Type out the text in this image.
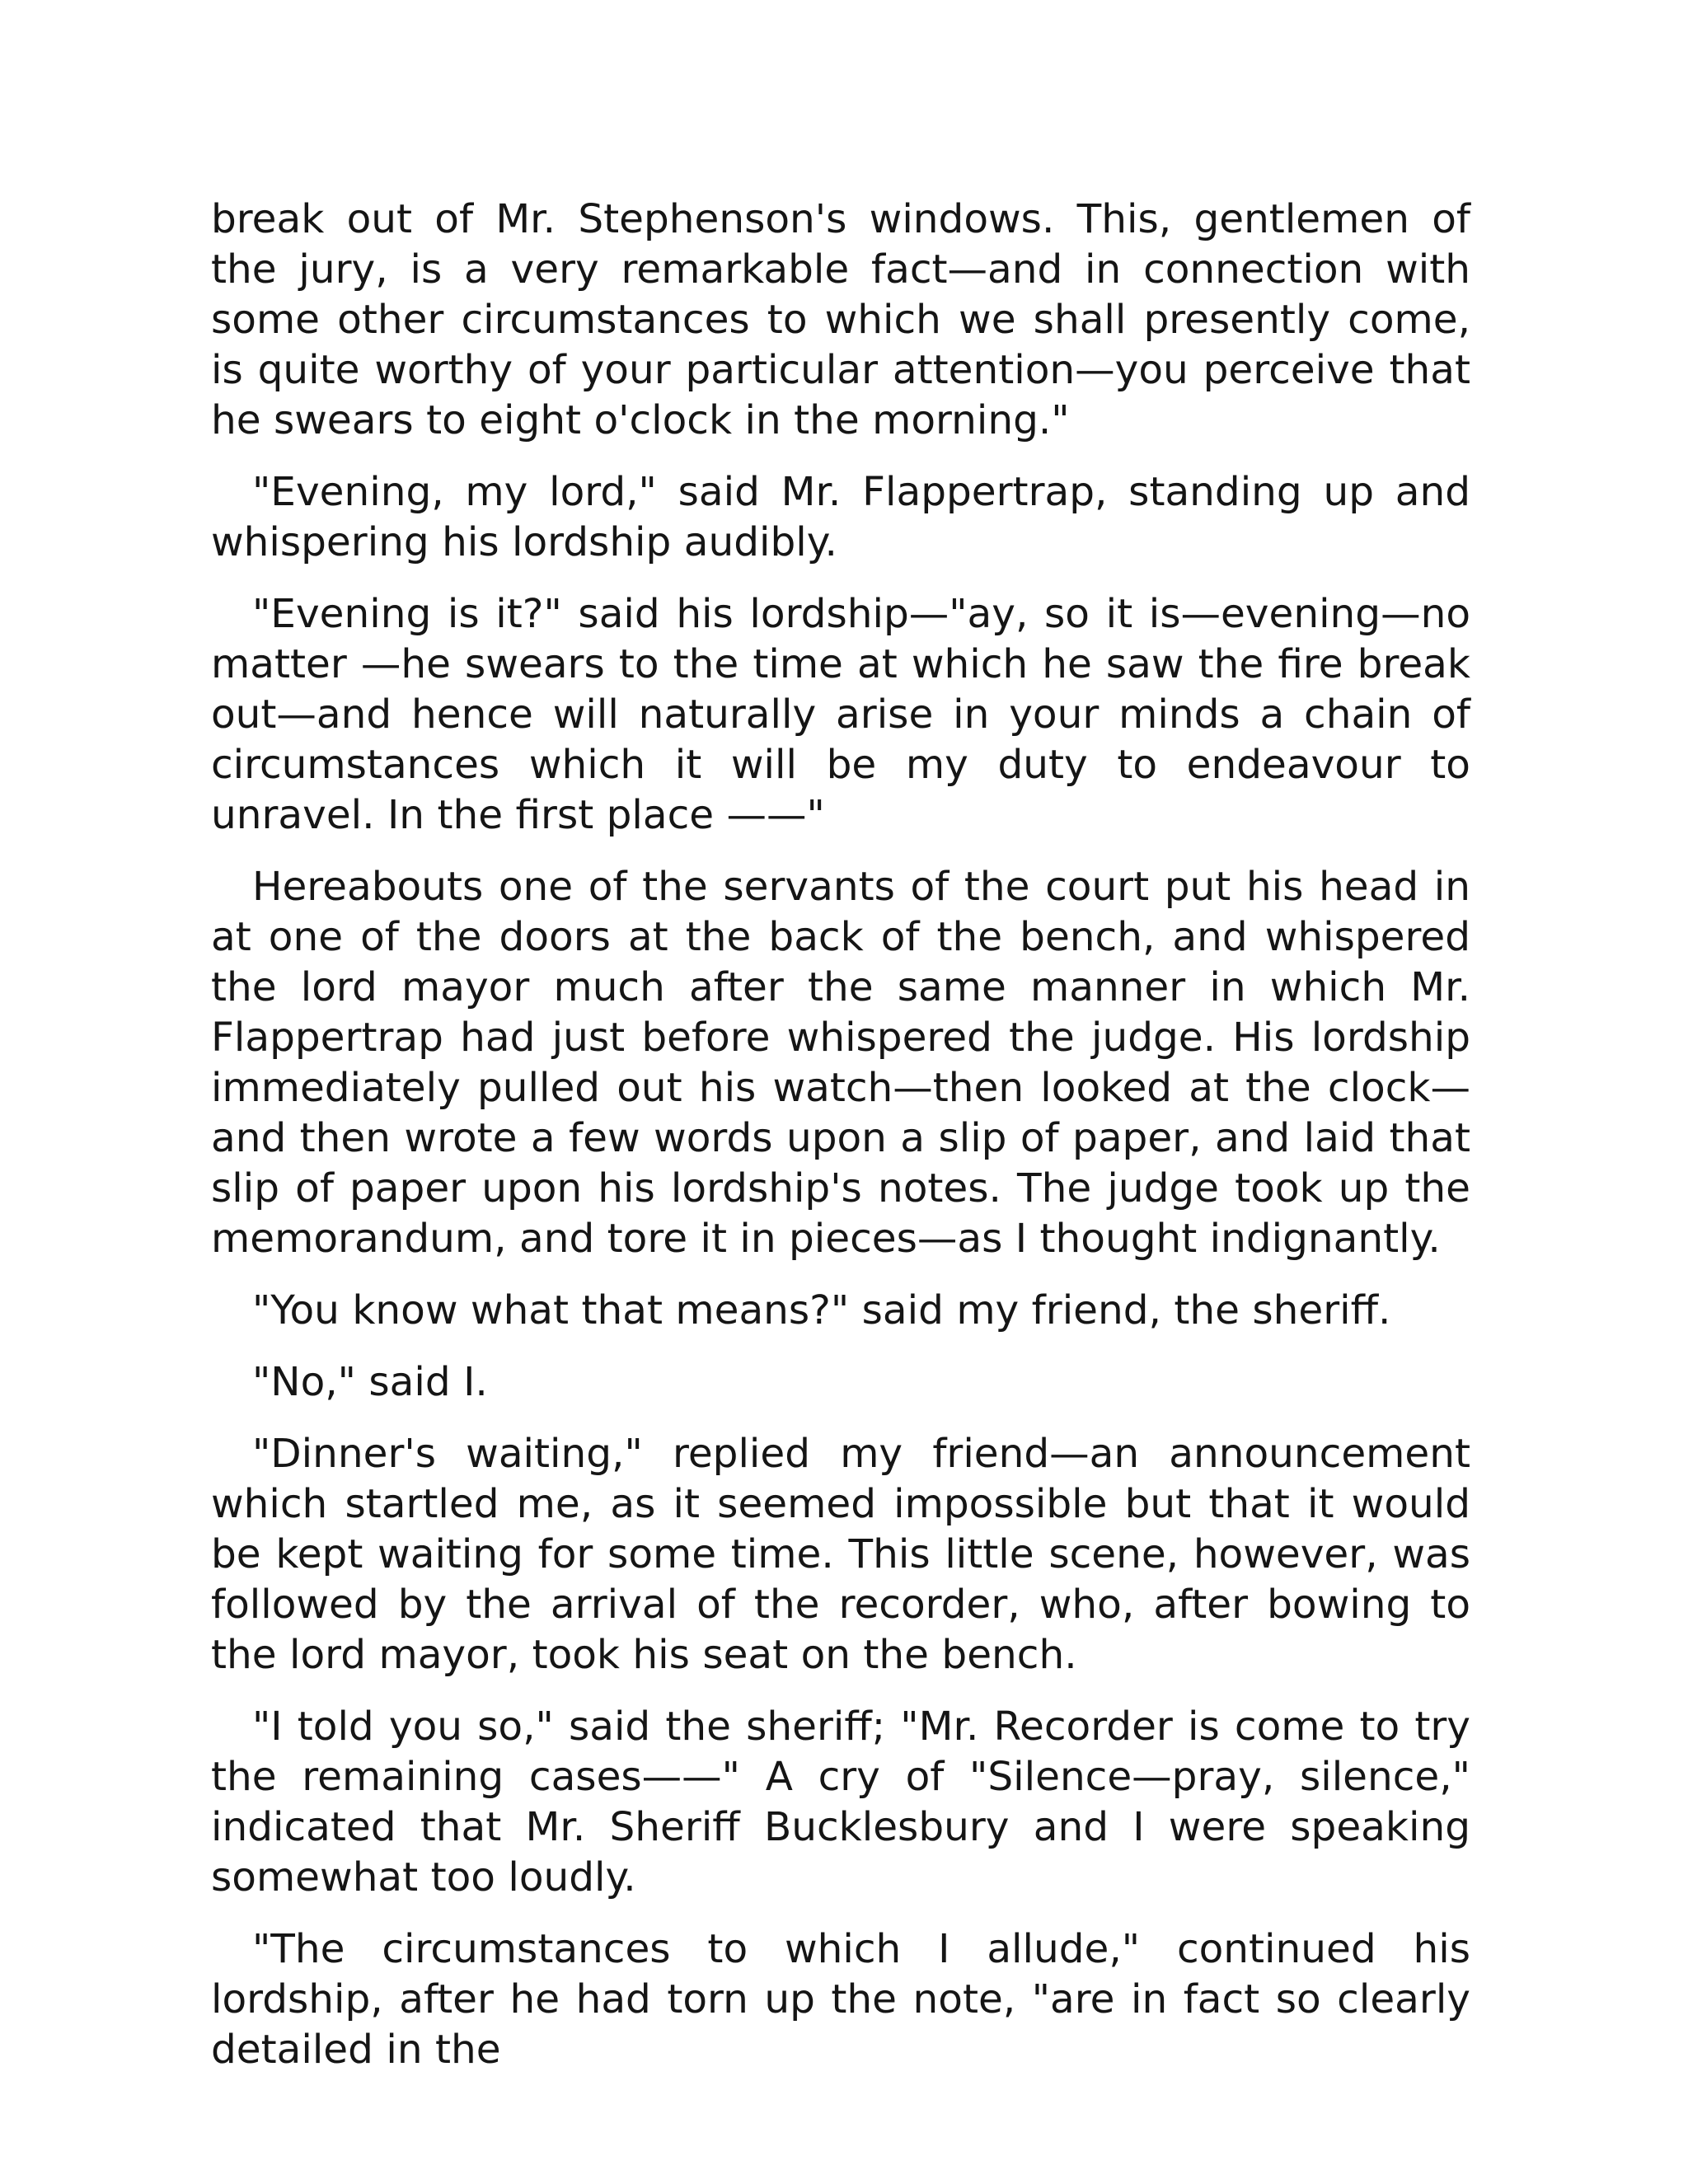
break out of Mr. Stephenson's windows. This, gentlemen of the jury, is a very remarkable fact—and in connection with some other circumstances to which we shall presently come, is quite worthy of your particular attention—you perceive that he swears to eight o'clock in the morning."

"Evening, my lord," said Mr. Flappertrap, standing up and whispering his lordship audibly.

"Evening is it?" said his lordship—"ay, so it is—evening—no matter —he swears to the time at which he saw the fire break out—and hence will naturally arise in your minds a chain of circumstances which it will be my duty to endeavour to unravel. In the first place ——"

Hereabouts one of the servants of the court put his head in at one of the doors at the back of the bench, and whispered the lord mayor much after the same manner in which Mr. Flappertrap had just before whispered the judge. His lordship immediately pulled out his watch—then looked at the clock—and then wrote a few words upon a slip of paper, and laid that slip of paper upon his lordship's notes. The judge took up the memorandum, and tore it in pieces—as I thought indignantly.

"You know what that means?" said my friend, the sheriff.

"No," said I.

"Dinner's waiting," replied my friend—an announcement which startled me, as it seemed impossible but that it would be kept waiting for some time. This little scene, however, was followed by the arrival of the recorder, who, after bowing to the lord mayor, took his seat on the bench.

"I told you so," said the sheriff; "Mr. Recorder is come to try the remaining cases——" A cry of "Silence—pray, silence," indicated that Mr. Sheriff Bucklesbury and I were speaking somewhat too loudly.

"The circumstances to which I allude," continued his lordship, after he had torn up the note, "are in fact so clearly detailed in the
